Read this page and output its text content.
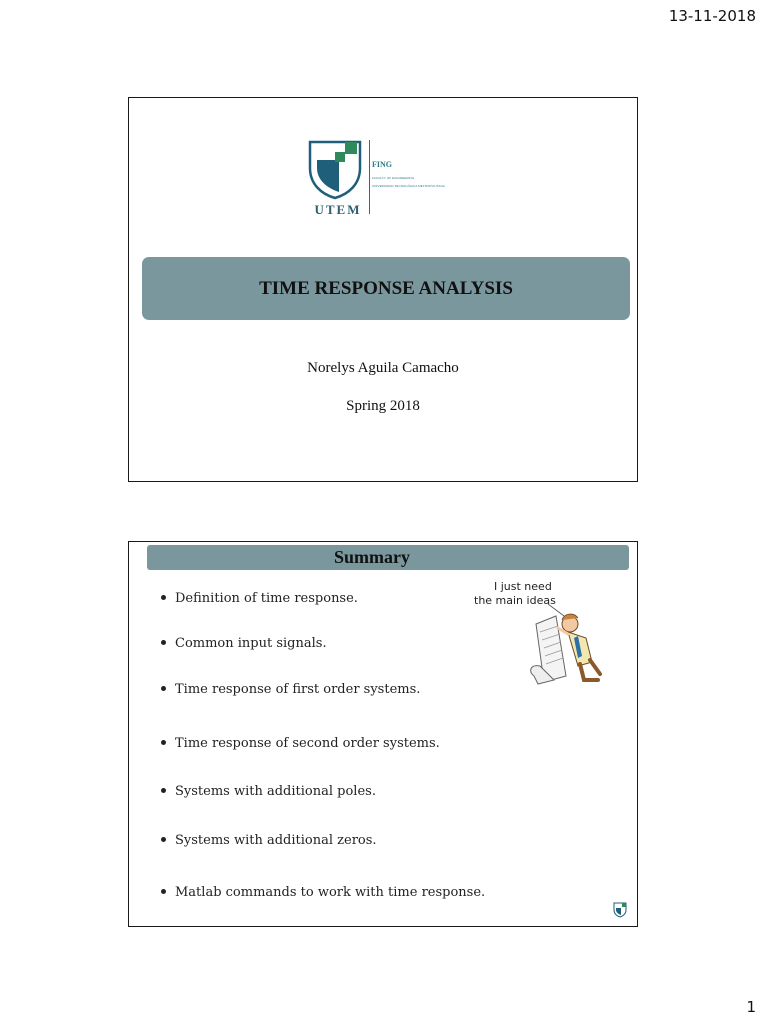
13-11-2018
UTEM
FING
FACULTY OF ENGINEERING
UNIVERSIDAD TECNOLÓGICA METROPOLITANA
TIME RESPONSE ANALYSIS
Norelys Aguila Camacho
Spring 2018
Summary
I just need
the main ideas
Definition of time response.
Common input signals.
Time response of first order systems.
Time response of second order systems.
Systems with additional poles.
Systems with additional zeros.
Matlab commands to work with time response.
1
